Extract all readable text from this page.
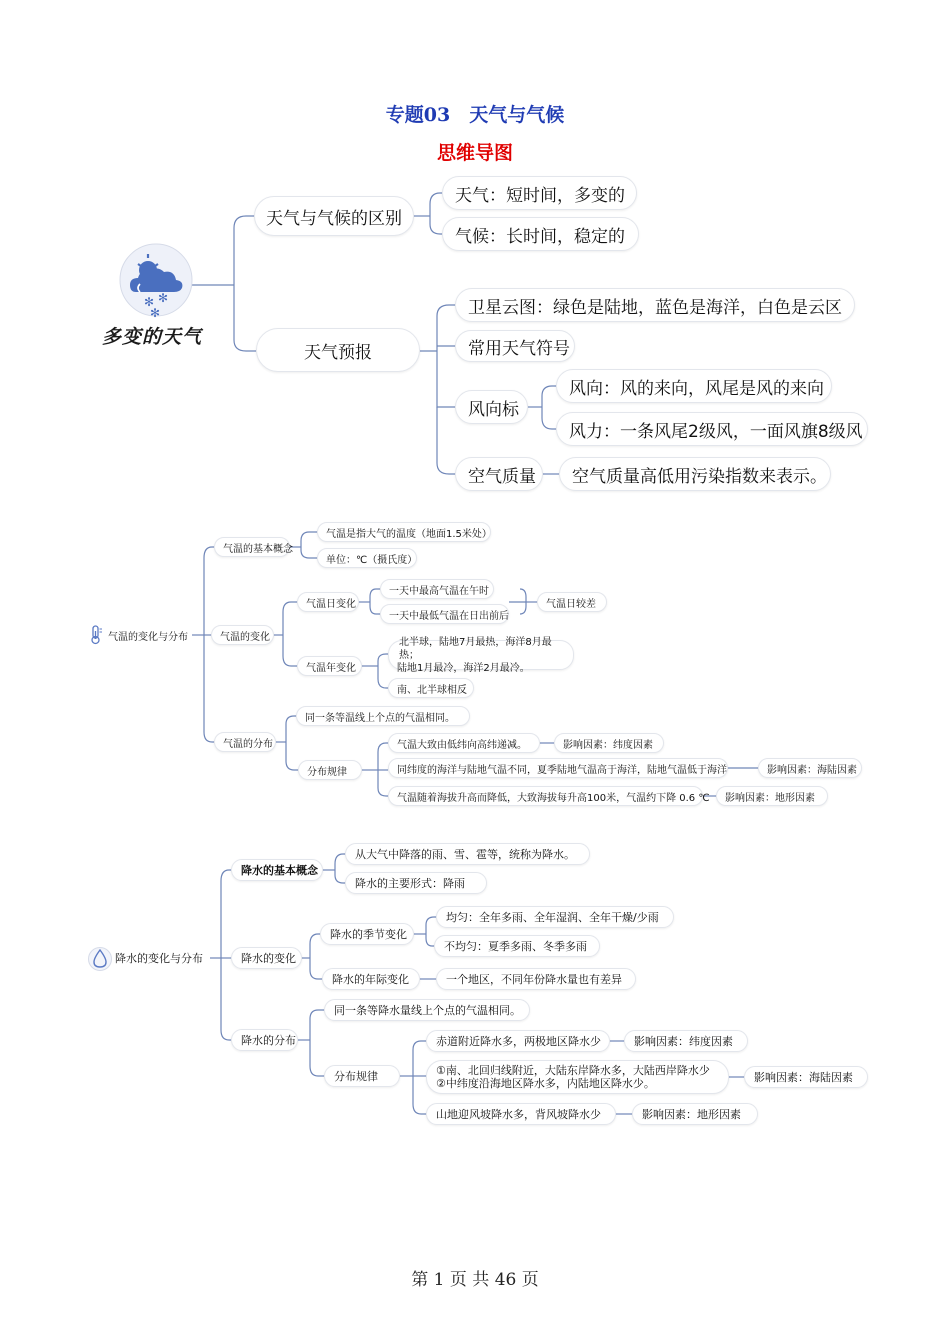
专题03　天气与气候
思维导图
✻ ✻
✻
多变的天气
天气与气候的区别
天气：短时间，多变的
气候：长时间，稳定的
天气预报
卫星云图：绿色是陆地，蓝色是海洋，白色是云区
常用天气符号
风向标
风向：风的来向，风尾是风的来向
风力：一条风尾2级风，一面风旗8级风
空气质量	空气质量高低用污染指数来表示。
气温的变化与分布
气温的基本概念
气温是指大气的温度（地面1.5米处）
单位：℃（摄氏度）
气温的变化
气温日变化
一天中最高气温在午时
一天中最低气温在日出前后
气温日较差
气温年变化
北半球，陆地7月最热，海洋8月最热；
陆地1月最冷，海洋2月最冷。
南、北半球相反
气温的分布
同一条等温线上个点的气温相同。
分布规律
气温大致由低纬向高纬递减。	影响因素：纬度因素
同纬度的海洋与陆地气温不同，夏季陆地气温高于海洋，陆地气温低于海洋	影响因素：海陆因素
气温随着海拔升高而降低，大致海拔每升高100米，气温约下降 0.6 ℃	影响因素：地形因素
降水的变化与分布
降水的基本概念
从大气中降落的雨、雪、雹等，统称为降水。
降水的主要形式：降雨
降水的变化
降水的季节变化
均匀：全年多雨、全年湿润、全年干燥/少雨
不均匀：夏季多雨、冬季多雨
降水的年际变化	一个地区，不同年份降水量也有差异
降水的分布
同一条等降水量线上个点的气温相同。
分布规律
赤道附近降水多，两极地区降水少	影响因素：纬度因素
①南、北回归线附近，大陆东岸降水多，大陆西岸降水少
②中纬度沿海地区降水多，内陆地区降水少。	影响因素：海陆因素
山地迎风坡降水多，背风坡降水少	影响因素：地形因素
第 1 页 共 46 页
